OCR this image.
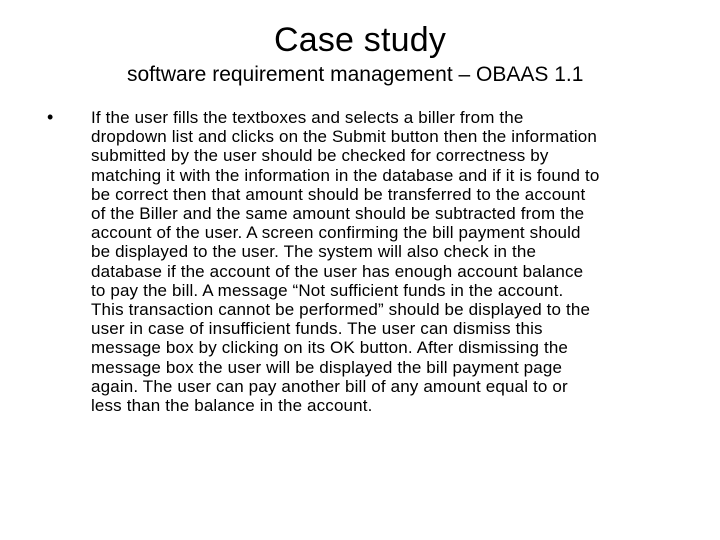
Case study
software requirement management – OBAAS 1.1
• If the user fills the textboxes and selects a biller from the
dropdown list and clicks on the Submit button then the information
submitted by the user should be checked for correctness by
matching it with the information in the database and if it is found to
be correct then that amount should be transferred to the account
of the Biller and the same amount should be subtracted from the
account of the user. A screen confirming the bill payment should
be displayed to the user. The system will also check in the
database if the account of the user has enough account balance
to pay the bill. A message “Not sufficient funds in the account.
This transaction cannot be performed” should be displayed to the
user in case of insufficient funds. The user can dismiss this
message box by clicking on its OK button. After dismissing the
message box the user will be displayed the bill payment page
again. The user can pay another bill of any amount equal to or
less than the balance in the account.
